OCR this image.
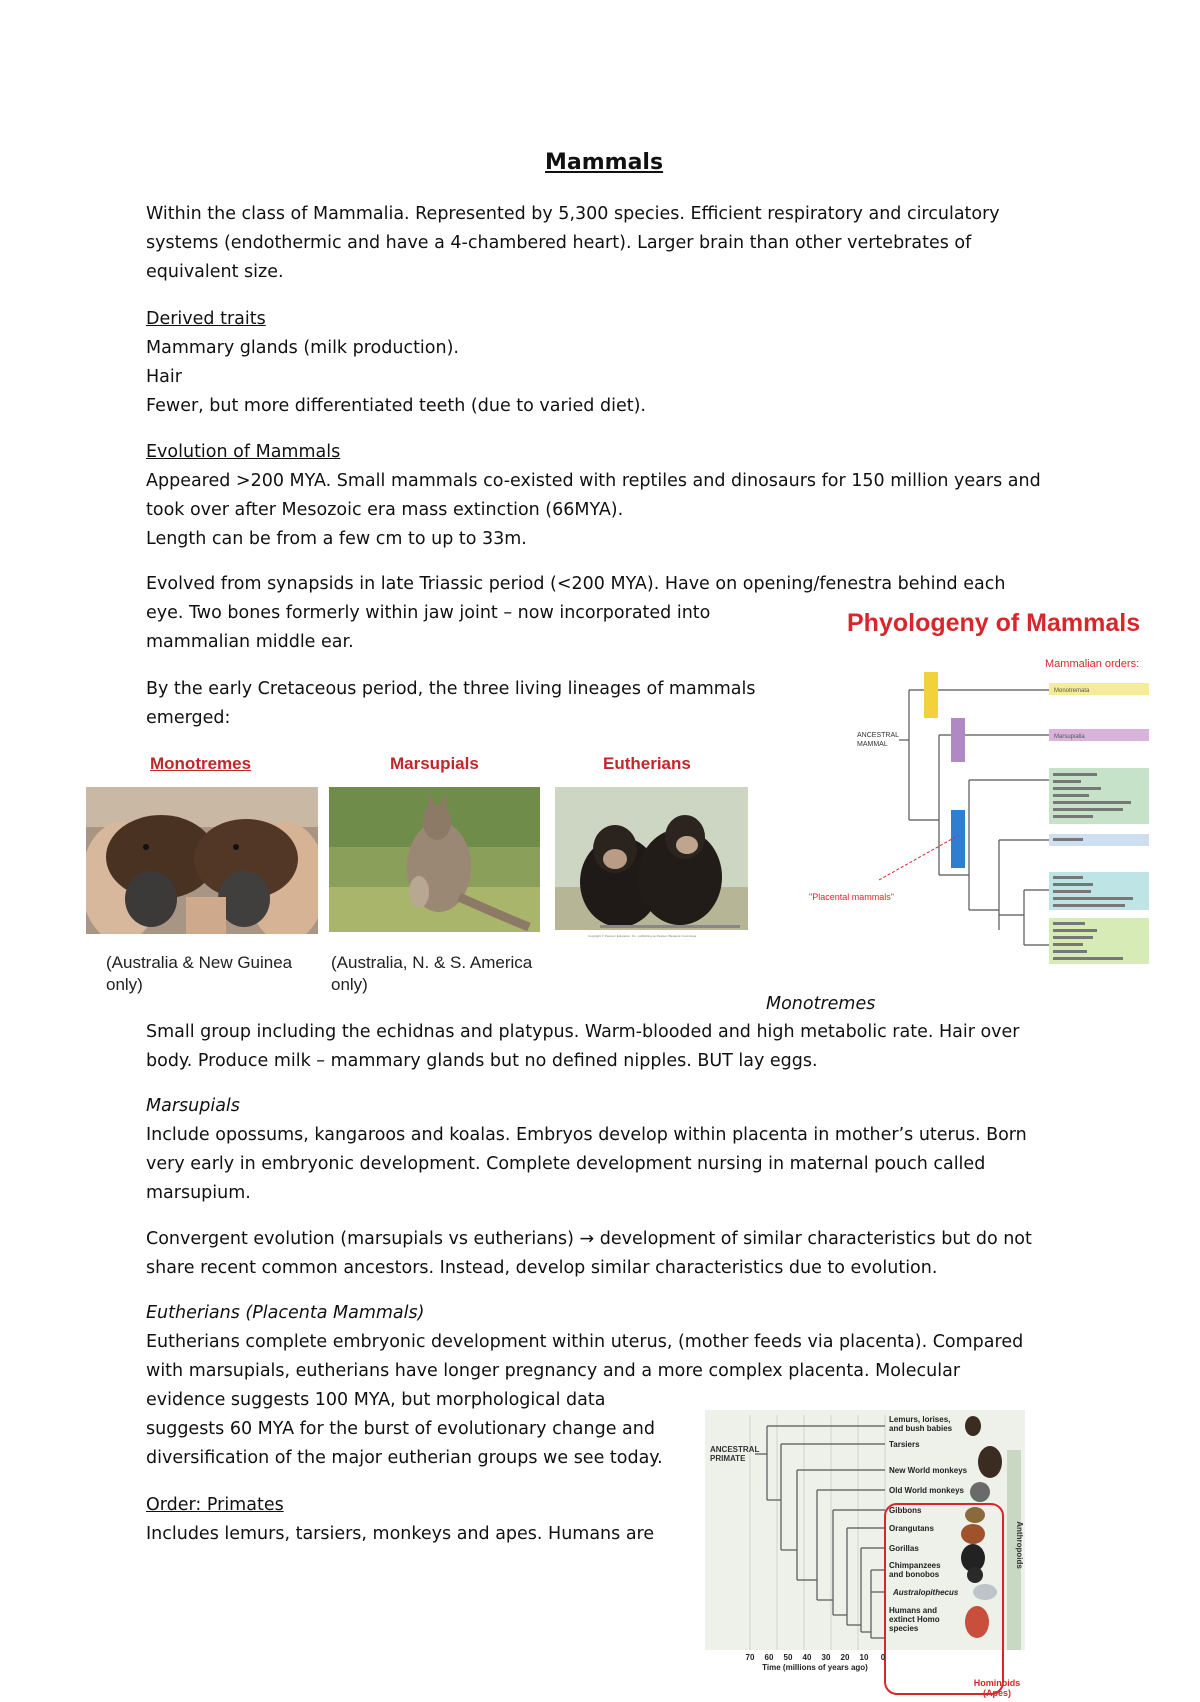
Mammals
Within the class of Mammalia. Represented by 5,300 species. Efficient respiratory and circulatory
systems (endothermic and have a 4-chambered heart). Larger brain than other vertebrates of
equivalent size.
Derived traits
Mammary glands (milk production).
Hair
Fewer, but more differentiated teeth (due to varied diet).
Evolution of Mammals
Appeared >200 MYA. Small mammals co-existed with reptiles and dinosaurs for 150 million years and
took over after Mesozoic era mass extinction (66MYA).
Length can be from a few cm to up to 33m.
Evolved from synapsids in late Triassic period (<200 MYA). Have on opening/fenestra behind each
eye. Two bones formerly within jaw joint – now incorporated into
mammalian middle ear.
By the early Cretaceous period, the three living lineages of mammals
emerged:
Monotremes	Marsupials	Eutherians
Copyright © Pearson Education, Inc., publishing as Pearson Benjamin Cummings
(Australia & New Guinea
only)
(Australia, N. & S. America
only)
Phyologeny of Mammals
Mammalian orders:
ANCESTRAL
MAMMAL
Monotremata
Marsupialia
"Placental mammals"
Monotremes
Small group including the echidnas and platypus. Warm-blooded and high metabolic rate. Hair over
body. Produce milk – mammary glands but no defined nipples. BUT lay eggs.
Marsupials
Include opossums, kangaroos and koalas. Embryos develop within placenta in mother’s uterus. Born
very early in embryonic development. Complete development nursing in maternal pouch called
marsupium.
Convergent evolution (marsupials vs eutherians) → development of similar characteristics but do not
share recent common ancestors. Instead, develop similar characteristics due to evolution.
Eutherians (Placenta Mammals)
Eutherians complete embryonic development within uterus, (mother feeds via placenta). Compared
with marsupials, eutherians have longer pregnancy and a more complex placenta. Molecular
evidence suggests 100 MYA, but morphological data
suggests 60 MYA for the burst of evolutionary change and
diversification of the major eutherian groups we see today.
Order: Primates
Includes lemurs, tarsiers, monkeys and apes. Humans are
ANCESTRAL
PRIMATE
Anthropoids
Lemurs, lorises,
and bush babies
Tarsiers
New World monkeys
Old World monkeys
Gibbons
Orangutans
Gorillas
Chimpanzees
and bonobos
Australopithecus
Humans and
extinct Homo
species
70 60 50 40 30 20 10 0
Time (millions of years ago)
Hominoids
(Apes)
